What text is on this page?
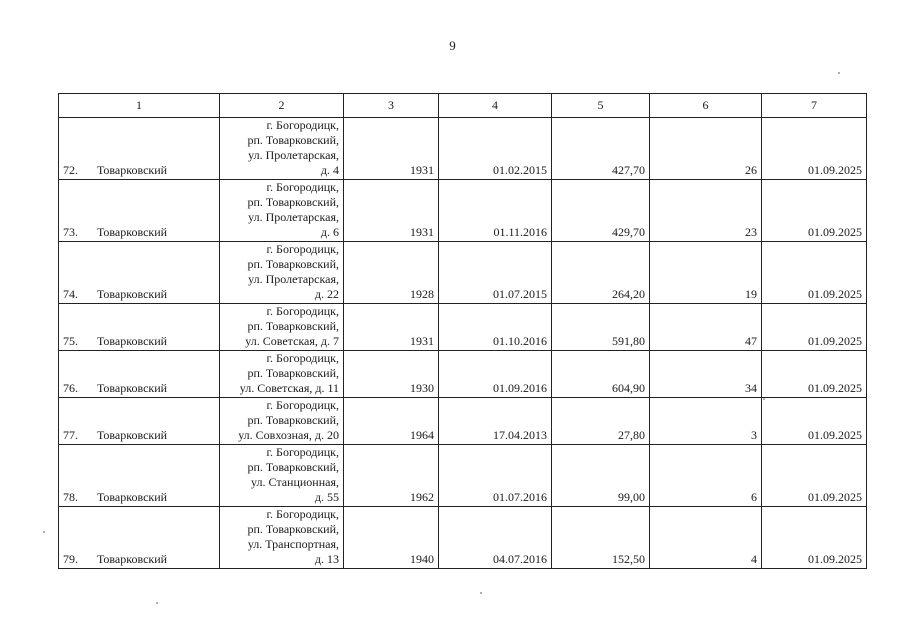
9
1	2	3	4	5	6	7
72. Товарковский	г. Богородицк,
рп. Товарковский,
ул. Пролетарская,
д. 4	1931	01.02.2015	427,70	26	01.09.2025
73. Товарковский	г. Богородицк,
рп. Товарковский,
ул. Пролетарская,
д. 6	1931	01.11.2016	429,70	23	01.09.2025
74. Товарковский	г. Богородицк,
рп. Товарковский,
ул. Пролетарская,
д. 22	1928	01.07.2015	264,20	19	01.09.2025
75. Товарковский	г. Богородицк,
рп. Товарковский,
ул. Советская, д. 7	1931	01.10.2016	591,80	47	01.09.2025
76. Товарковский	г. Богородицк,
рп. Товарковский,
ул. Советская, д. 11	1930	01.09.2016	604,90	34	01.09.2025
77. Товарковский	г. Богородицк,
рп. Товарковский,
ул. Совхозная, д. 20	1964	17.04.2013	27,80	3	01.09.2025
78. Товарковский	г. Богородицк,
рп. Товарковский,
ул. Станционная,
д. 55	1962	01.07.2016	99,00	6	01.09.2025
79. Товарковский	г. Богородицк,
рп. Товарковский,
ул. Транспортная,
д. 13	1940	04.07.2016	152,50	4	01.09.2025
